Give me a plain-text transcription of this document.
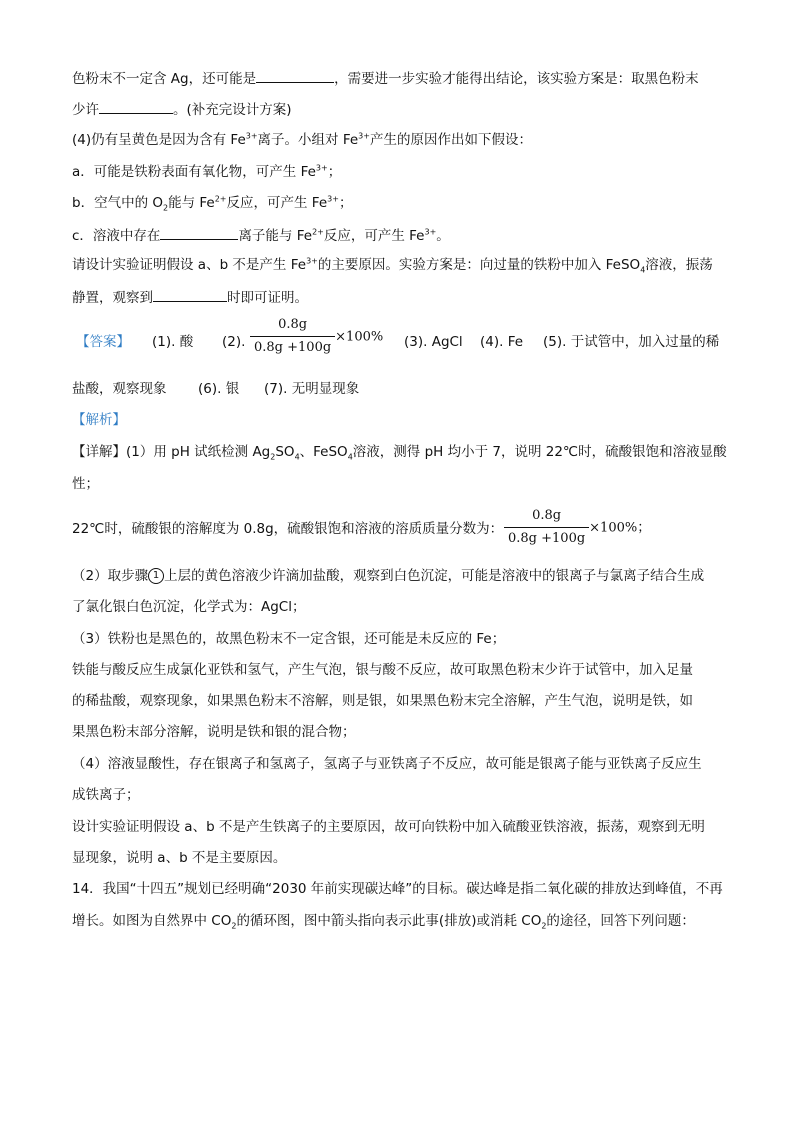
色粉末不一定含 Ag，还可能是	，需要进一步实验才能得出结论，该实验方案是：取黑色粉末
少许	。(补充完设计方案)
(4)仍有呈黄色是因为含有 $Fe^{3+}$离子。小组对 $Fe^{3+}$产生的原因作出如下假设：
a．可能是铁粉表面有氧化物，可产生 $Fe^{3+}$；
b．空气中的 $O_2$能与 $Fe^{2+}$反应，可产生 $Fe^{3+}$；
c．溶液中存在	离子能与 $Fe^{2+}$反应，可产生 $Fe^{3+}$。
请设计实验证明假设 a、b 不是产生 $Fe^{3+}$的主要原因。实验方案是：向过量的铁粉中加入 FeSO$_4$溶液，振荡
静置，观察到	时即可证明。
【答案】 (1). 酸 (2). $\frac{0.8g}{0.8g +100g} \times 100\%$ (3). AgCl (4). Fe (5). 于试管中，加入过量的稀
盐酸，观察现象 (6). 银 (7). 无明显现象
【解析】
【详解】(1）用 pH 试纸检测 $Ag_2SO_4$、FeSO$_4$溶液，测得 pH 均小于 7，说明 22℃时，硫酸银饱和溶液显酸
性；
22℃时，硫酸银的溶解度为 0.8g，硫酸银饱和溶液的溶质质量分数为： $\frac{0.8g}{0.8g +100g} \times 100\%$；
（2）取步骤 1 上层的黄色溶液少许滴加盐酸，观察到白色沉淀，可能是溶液中的银离子与氯离子结合生成
了氯化银白色沉淀，化学式为：AgCl；
（3）铁粉也是黑色的，故黑色粉末不一定含银，还可能是未反应的 Fe；
铁能与酸反应生成氯化亚铁和氢气，产生气泡，银与酸不反应，故可取黑色粉末少许于试管中，加入足量
的稀盐酸，观察现象，如果黑色粉末不溶解，则是银，如果黑色粉末完全溶解，产生气泡，说明是铁，如
果黑色粉末部分溶解，说明是铁和银的混合物；
（4）溶液显酸性，存在银离子和氢离子，氢离子与亚铁离子不反应，故可能是银离子能与亚铁离子反应生
成铁离子；
设计实验证明假设 a、b 不是产生铁离子的主要原因，故可向铁粉中加入硫酸亚铁溶液，振荡，观察到无明
显现象，说明 a、b 不是主要原因。
14．我国“十四五”规划已经明确“2030 年前实现碳达峰”的目标。碳达峰是指二氧化碳的排放达到峰值，不再
增长。如图为自然界中 $CO_2$的循环图，图中箭头指向表示此事(排放)或消耗 $CO_2$的途径，回答下列问题：
